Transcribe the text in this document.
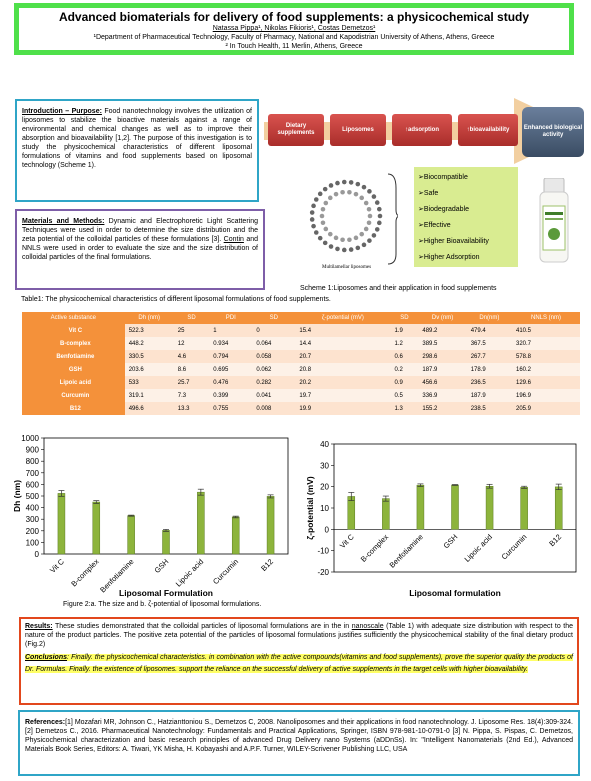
Advanced biomaterials for delivery of food supplements: a physicochemical study
Natassa Pippa¹, Nikolas Fikioris¹, Costas Demetzos¹
¹Department of Pharmaceutical Technology, Faculty of Pharmacy, National and Kapodistrian University of Athens, Athens, Greece
² In Touch Health, 11 Merlin, Athens, Greece
Introduction – Purpose: Food nanotechnology involves the utilization of liposomes to stabilize the bioactive materials against a range of environmental and chemical changes as well as to improve their absorption and bioavailability [1,2]. The purpose of this investigation is to study the physicochemical characteristics of different liposomal formulations of vitamins and food supplements based on liposomal technology (Scheme 1).
Materials and Methods: Dynamic and Electrophoretic Light Scattering Techniques were used in order to determine the size distribution and the zeta potential of the colloidal particles of these formulations [3]. Contin and NNLS were used in order to evaluate the size and the size distribution of colloidal particles of the final formulations.
Dietary supplements
Liposomes	↑adsorption	↑bioavailability	Enhanced biological activity
Multilamellar liposomes
➢Biocompatible
➢Safe
➢Biodegradable
➢Effective
➢Higher Bioavailability
➢Higher Adsorption
Scheme 1:Liposomes and their application in food supplements
Table1: The physicochemical characteristics of different liposomal formulations of food supplements.
Active substance	Dh (nm)	SD	PDI	SD	ζ-potential (mV)	SD	Dv (nm)	Dn(nm)	NNLS (nm)
Vit C	522.3	25	1	0	15.4	1.9	489.2	479.4	410.5
B-complex	448.2	12	0.934	0.064	14.4	1.2	389.5	367.5	320.7
Benfotiamine	330.5	4.6	0.794	0.058	20.7	0.6	298.6	267.7	578.8
GSH	203.6	8.6	0.695	0.062	20.8	0.2	187.9	178.9	160.2
Lipoic acid	533	25.7	0.476	0.282	20.2	0.9	456.6	236.5	129.6
Curcumin	319.1	7.3	0.399	0.041	19.7	0.5	336.9	187.9	196.9
B12	496.6	13.3	0.755	0.008	19.9	1.3	155.2	238.5	205.9
0
100
200
300
400
500
600
700
800
900
1000
Vit C B-complex
Benfotiamine GSH Lipoic acid Curcumin	B12
Dh (nm)
Liposomal Formulation
-20
-10
0
10
20
30
40
Vit C B-complex
Benfotiamine GSH Lipoic acid Curcumin	B12
ζ-potential (mV)
Liposomal formulation
Figure 2:a. The size and b. ζ-potential of liposomal formulations.
Results: These studies demonstrated that the colloidal particles of liposomal formulations are in the in nanoscale (Table 1) with adequate size distribution with respect to the nature of the product particles. The positive zeta potential of the particles of liposomal formulations justifies sufficiently the physicochemical stability of the final dietary product (Fig.2)
Conclusions: Finally. the physicochemical characteristics. in combination with the active compounds(vitamins and food supplements), prove the superior quality the products of Dr. Formulas. Finally. the existence of liposomes. support the reliance on the successful delivery of active supplements in the target cells with higher bioavailability.
References:[1] Mozafari MR, Johnson C., Hatzianttoniou S., Demetzos C, 2008. Nanoliposomes and their applications in food nanotechnology. J. Liposome Res. 18(4):309-324. [2] Demetzos C., 2016. Pharmaceutical Nanotechnology: Fundamentals and Practical Applications, Springer, ISBN 978-981-10-0791-0 [3] N. Pippa, S. Pispas, C. Demetzos, Physicochemical characterization and basic research principles of advanced Drug Delivery nano Systems (aDDnSs). In: "Intelligent Nanomaterials (2nd Ed.), Advanced Materials Book Series, Editors: A. Tiwari, YK Misha, H. Kobayashi and A.P.F. Turner, WILEY-Scrivener Publishing LLC, USA
